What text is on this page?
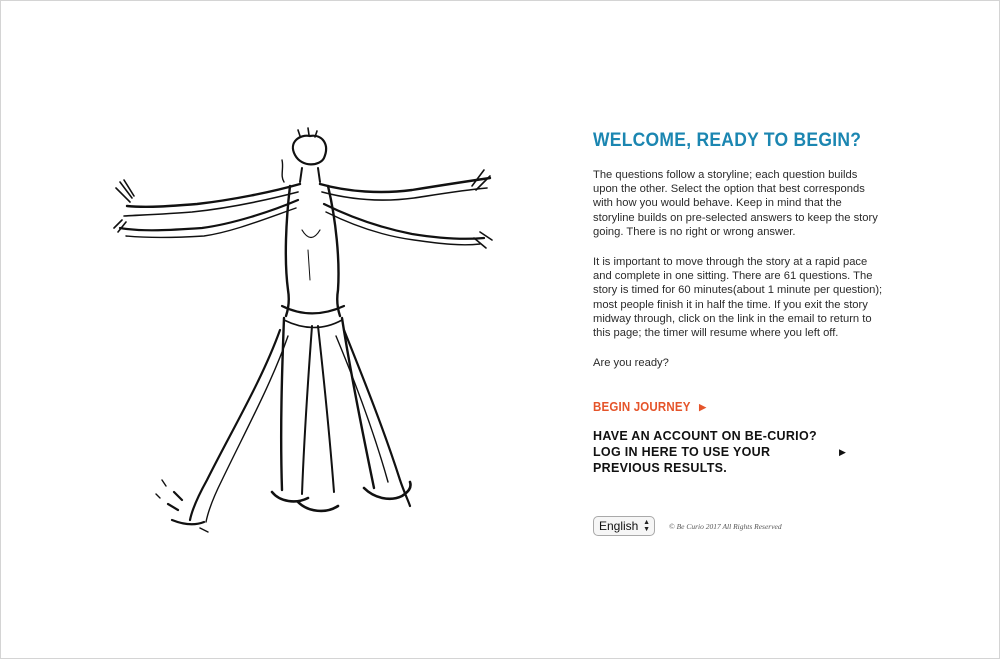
WELCOME, READY TO BEGIN?

The questions follow a storyline; each question builds upon the other. Select the option that best corresponds with how you would behave. Keep in mind that the storyline builds on pre-selected answers to keep the story going. There is no right or wrong answer.

It is important to move through the story at a rapid pace and complete in one sitting. There are 61 questions. The story is timed for 60 minutes(about 1 minute per question); most people finish it in half the time. If you exit the story midway through, click on the link in the email to return to this page; the timer will resume where you left off.

Are you ready?

BEGIN JOURNEY ▶
HAVE AN ACCOUNT ON BE-CURIO? LOG IN HERE TO USE YOUR PREVIOUS RESULTS.
▶
English ▲
▼	© Be Curio 2017 All Rights Reserved
